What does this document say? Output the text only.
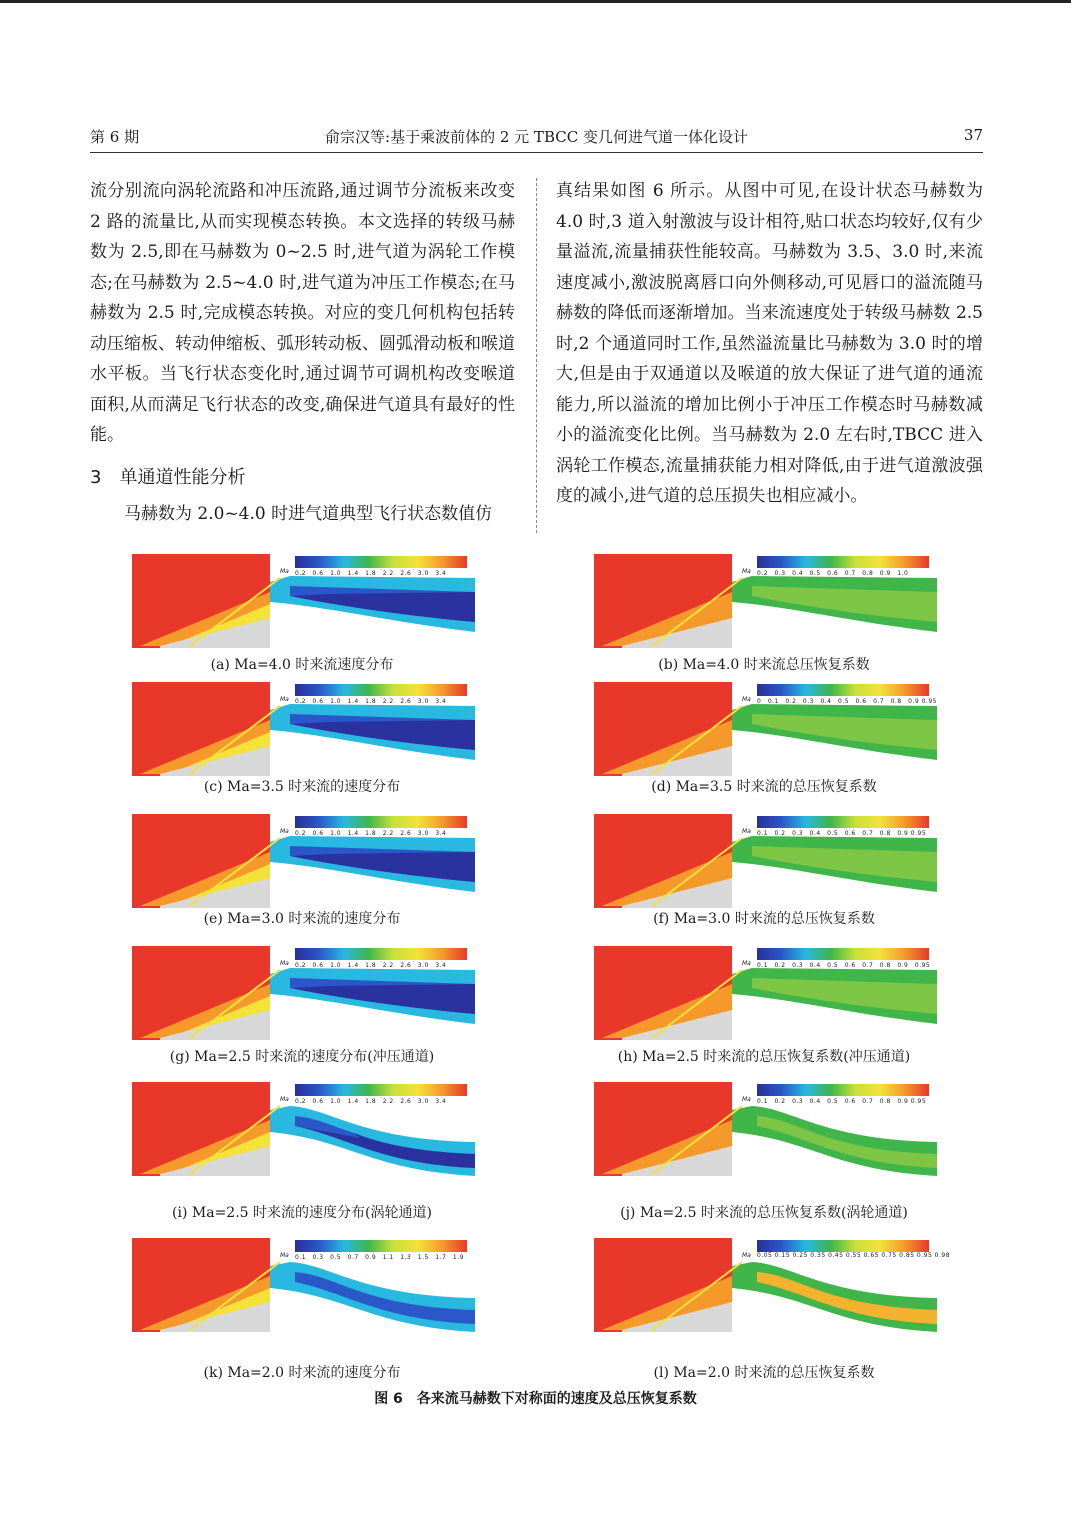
第 6 期	俞宗汉等:基于乘波前体的 2 元 TBCC 变几何进气道一体化设计	37

流分别流向涡轮流路和冲压流路,通过调节分流板来改变 2 路的流量比,从而实现模态转换。本文选择的转级马赫数为 2.5,即在马赫数为 0~2.5 时,进气道为涡轮工作模态;在马赫数为 2.5~4.0 时,进气道为冲压工作模态;在马赫数为 2.5 时,完成模态转换。对应的变几何机构包括转动压缩板、转动伸缩板、弧形转动板、圆弧滑动板和喉道水平板。当飞行状态变化时,通过调节可调机构改变喉道面积,从而满足飞行状态的改变,确保进气道具有最好的性能。

3　单通道性能分析

马赫数为 2.0~4.0 时进气道典型飞行状态数值仿

真结果如图 6 所示。从图中可见,在设计状态马赫数为 4.0 时,3 道入射激波与设计相符,贴口状态均较好,仅有少量溢流,流量捕获性能较高。马赫数为 3.5、3.0 时,来流速度减小,激波脱离唇口向外侧移动,可见唇口的溢流随马赫数的降低而逐渐增加。当来流速度处于转级马赫数 2.5 时,2 个通道同时工作,虽然溢流量比马赫数为 3.0 时的增大,但是由于双通道以及喉道的放大保证了进气道的通流能力,所以溢流的增加比例小于冲压工作模态时马赫数减小的溢流变化比例。当马赫数为 2.0 左右时,TBCC 进入涡轮工作模态,流量捕获能力相对降低,由于进气道激波强度的减小,进气道的总压损失也相应减小。

Ma 0.2　0.6　1.0　1.4　1.8　2.2　2.6　3.0　3.4
(a) Ma=4.0 时来流速度分布
Ma 0.2　0.3　0.4　0.5　0.6　0.7　0.8　0.9　1.0
(b) Ma=4.0 时来流总压恢复系数
Ma 0.2　0.6　1.0　1.4　1.8　2.2　2.6　3.0　3.4
(c) Ma=3.5 时来流的速度分布
Ma 0　0.1　0.2　0.3　0.4　0.5　0.6　0.7　0.8　0.9 0.95
(d) Ma=3.5 时来流的总压恢复系数
Ma 0.2　0.6　1.0　1.4　1.8　2.2　2.6　3.0　3.4
(e) Ma=3.0 时来流的速度分布
Ma 0.1　0.2　0.3　0.4　0.5　0.6　0.7　0.8　0.9 0.95
(f) Ma=3.0 时来流的总压恢复系数
Ma 0.2　0.6　1.0　1.4　1.8　2.2　2.6　3.0　3.4
(g) Ma=2.5 时来流的速度分布(冲压通道)
Ma 0.1　0.2　0.3　0.4　0.5　0.6　0.7　0.8　0.9　0.95
(h) Ma=2.5 时来流的总压恢复系数(冲压通道)
Ma 0.2　0.6　1.0　1.4　1.8　2.2　2.6　3.0　3.4
(i) Ma=2.5 时来流的速度分布(涡轮通道)
Ma 0.1　0.2　0.3　0.4　0.5　0.6　0.7　0.8　0.9 0.95
(j) Ma=2.5 时来流的总压恢复系数(涡轮通道)
Ma 0.1　0.3　0.5　0.7　0.9　1.1　1.3　1.5　1.7　1.9
(k) Ma=2.0 时来流的速度分布
Ma 0.05 0.15 0.25 0.35 0.45 0.55 0.65 0.75 0.85 0.95 0.98
(l) Ma=2.0 时来流的总压恢复系数
图 6　各来流马赫数下对称面的速度及总压恢复系数
